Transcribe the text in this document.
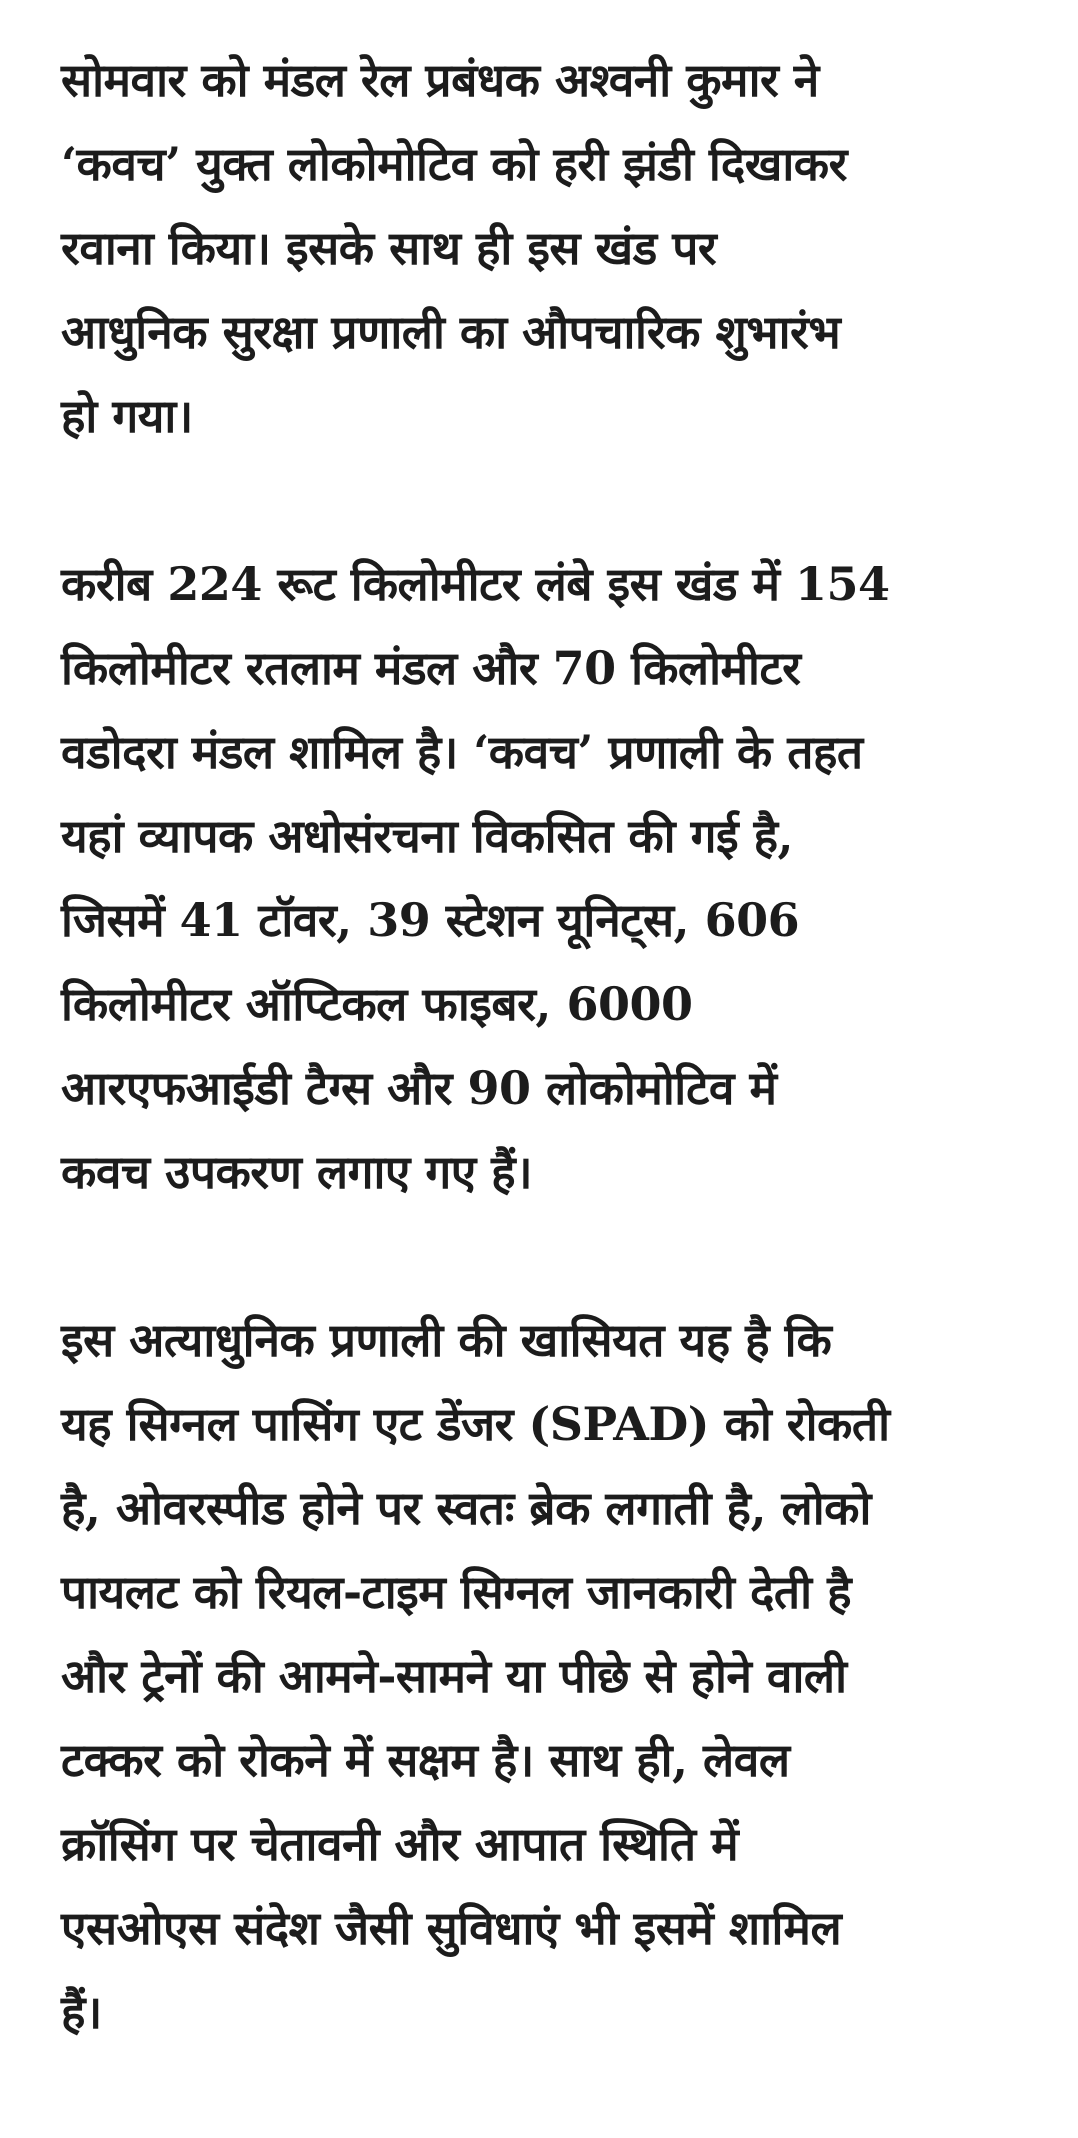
सोमवार को मंडल रेल प्रबंधक अश्वनी कुमार ने
‘कवच’ युक्त लोकोमोटिव को हरी झंडी दिखाकर
रवाना किया। इसके साथ ही इस खंड पर
आधुनिक सुरक्षा प्रणाली का औपचारिक शुभारंभ
हो गया।
करीब 224 रूट किलोमीटर लंबे इस खंड में 154
किलोमीटर रतलाम मंडल और 70 किलोमीटर
वडोदरा मंडल शामिल है। ‘कवच’ प्रणाली के तहत
यहां व्यापक अधोसंरचना विकसित की गई है,
जिसमें 41 टॉवर, 39 स्टेशन यूनिट्स, 606
किलोमीटर ऑप्टिकल फाइबर, 6000
आरएफआईडी टैग्स और 90 लोकोमोटिव में
कवच उपकरण लगाए गए हैं।
इस अत्याधुनिक प्रणाली की खासियत यह है कि
यह सिग्नल पासिंग एट डेंजर (SPAD) को रोकती
है, ओवरस्पीड होने पर स्वतः ब्रेक लगाती है, लोको
पायलट को रियल-टाइम सिग्नल जानकारी देती है
और ट्रेनों की आमने-सामने या पीछे से होने वाली
टक्कर को रोकने में सक्षम है। साथ ही, लेवल
क्रॉसिंग पर चेतावनी और आपात स्थिति में
एसओएस संदेश जैसी सुविधाएं भी इसमें शामिल
हैं।
